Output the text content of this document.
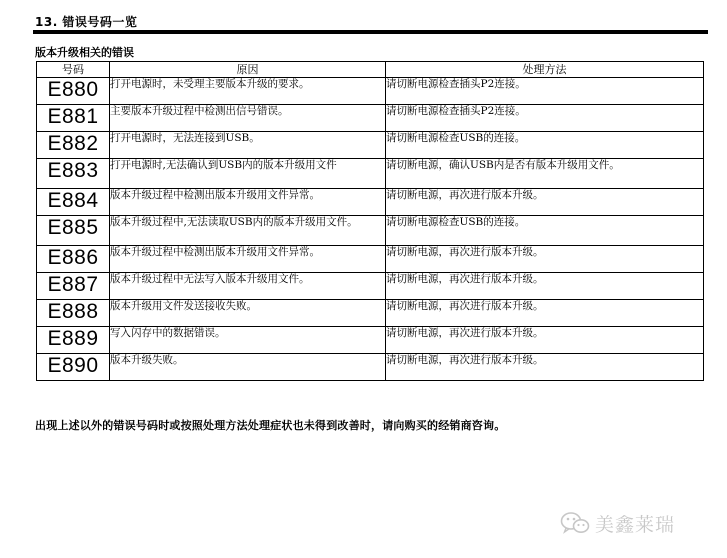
13. 错误号码一览
版本升级相关的错误
号码	原因	处理方法
E880	打开电源时，未受理主要版本升级的要求。	请切断电源检查插头P2连接。
E881	主要版本升级过程中检测出信号错误。	请切断电源检查插头P2连接。
E882	打开电源时，无法连接到USB。	请切断电源检查USB的连接。
E883	打开电源时,无法确认到USB内的版本升级用文件	请切断电源，确认USB内是否有版本升级用文件。
E884	版本升级过程中检测出版本升级用文件异常。	请切断电源，再次进行版本升级。
E885	版本升级过程中,无法读取USB内的版本升级用文件。	请切断电源检查USB的连接。
E886	版本升级过程中检测出版本升级用文件异常。	请切断电源，再次进行版本升级。
E887	版本升级过程中无法写入版本升级用文件。	请切断电源，再次进行版本升级。
E888	版本升级用文件发送接收失败。	请切断电源，再次进行版本升级。
E889	写入闪存中的数据错误。	请切断电源，再次进行版本升级。
E890	版本升级失败。	请切断电源，再次进行版本升级。
出现上述以外的错误号码时或按照处理方法处理症状也未得到改善时，请向购买的经销商咨询。
美鑫莱瑞
